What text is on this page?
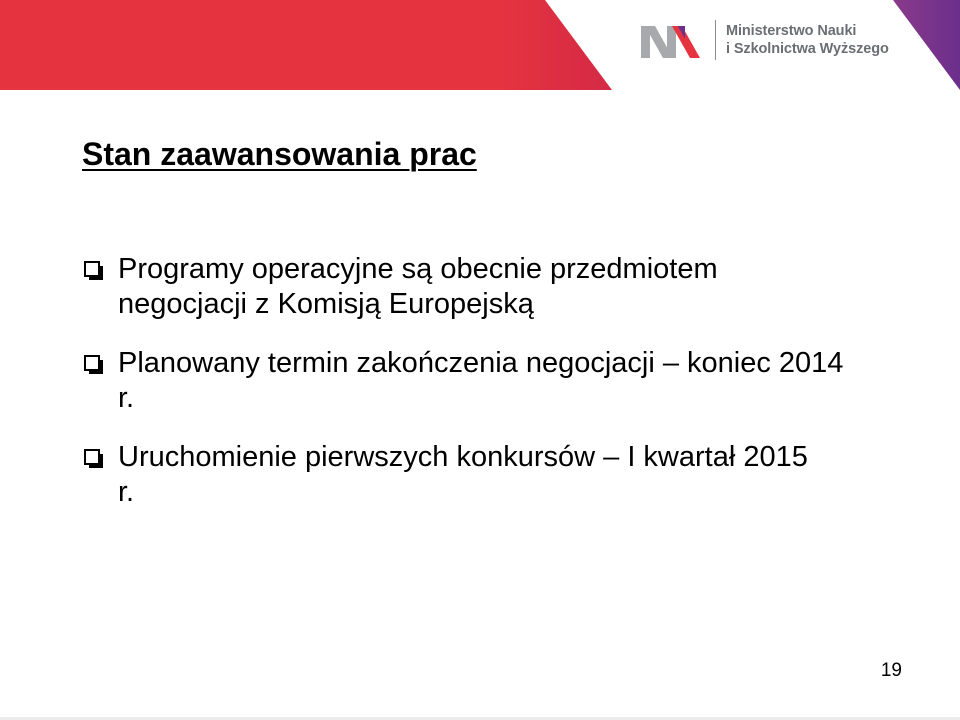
Ministerstwo Nauki
i Szkolnictwa Wyższego
Stan zaawansowania prac
Programy operacyjne są obecnie przedmiotem negocjacji z Komisją Europejską
Planowany termin zakończenia negocjacji – koniec 2014 r.
Uruchomienie pierwszych konkursów – I kwartał 2015 r.
19
